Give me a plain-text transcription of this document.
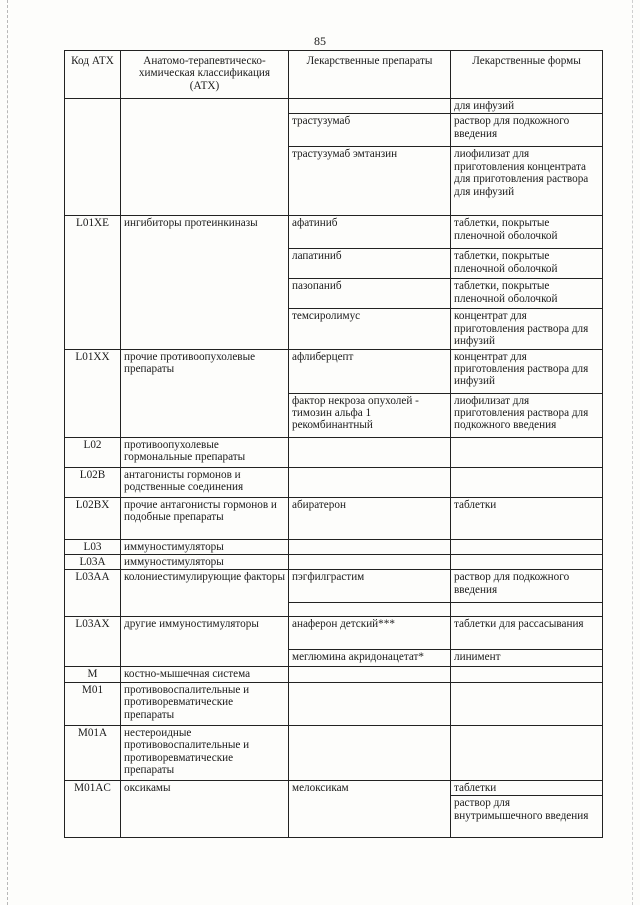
85
Код АТХ	Анатомо-терапевтическо-химическая классификация (АТХ)	Лекарственные препараты	Лекарственные формы
			для инфузий
		трастузумаб	раствор для подкожного введения
		трастузумаб эмтанзин	лиофилизат для приготовления концентрата для приготовления раствора для инфузий
L01XE	ингибиторы протеинкиназы	афатиниб	таблетки, покрытые пленочной оболочкой
		лапатиниб	таблетки, покрытые пленочной оболочкой
		пазопаниб	таблетки, покрытые пленочной оболочкой
		темсиролимус	концентрат для приготовления раствора для инфузий
L01XX	прочие противоопухолевые препараты	афлиберцепт	концентрат для приготовления раствора для инфузий
		фактор некроза опухолей - тимозин альфа 1 рекомбинантный	лиофилизат для приготовления раствора для подкожного введения
L02	противоопухолевые гормональные препараты		
L02B	антагонисты гормонов и родственные соединения		
L02BX	прочие антагонисты гормонов и подобные препараты	абиратерон	таблетки
L03	иммуностимуляторы		
L03A	иммуностимуляторы		
L03AA	колониестимулирующие факторы	пэгфилграстим	раствор для подкожного введения

L03AX	другие иммуностимуляторы	анаферон детский***	таблетки для рассасывания
		меглюмина акридонацетат*	линимент
M	костно-мышечная система		
M01	противовоспалительные и противоревматические препараты		
M01A	нестероидные противовоспалительные и противоревматические препараты		
M01AC	оксикамы	мелоксикам	таблетки
			раствор для внутримышечного введения
